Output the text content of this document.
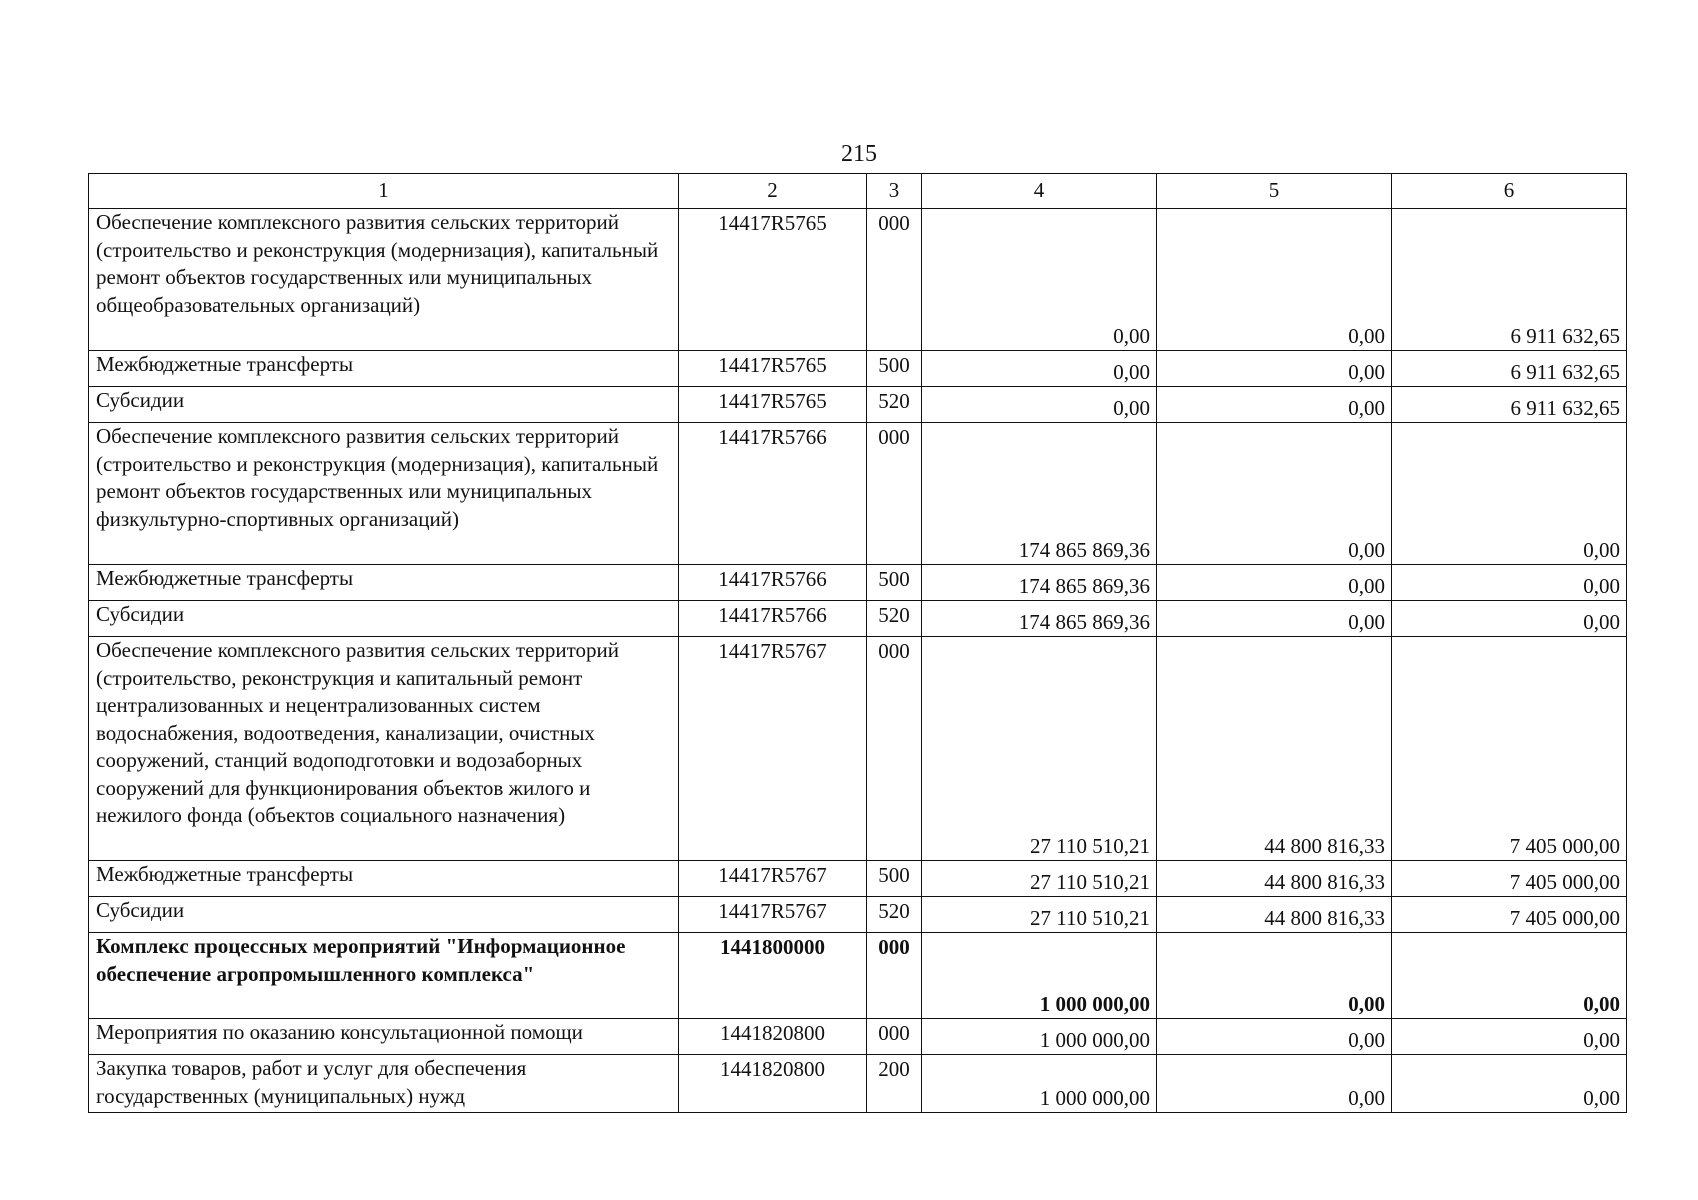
215
1	2	3	4	5	6
Обеспечение комплексного развития сельских территорий (строительство и реконструкция (модернизация), капитальный ремонт объектов государственных или муниципальных общеобразовательных организаций)	14417R5765	000	0,00	0,00	6 911 632,65
Межбюджетные трансферты	14417R5765	500	0,00	0,00	6 911 632,65
Субсидии	14417R5765	520	0,00	0,00	6 911 632,65
Обеспечение комплексного развития сельских территорий (строительство и реконструкция (модернизация), капитальный ремонт объектов государственных или муниципальных физкультурно-спортивных организаций)	14417R5766	000	174 865 869,36	0,00	0,00
Межбюджетные трансферты	14417R5766	500	174 865 869,36	0,00	0,00
Субсидии	14417R5766	520	174 865 869,36	0,00	0,00
Обеспечение комплексного развития сельских территорий (строительство, реконструкция и капитальный ремонт централизованных и нецентрализованных систем водоснабжения, водоотведения, канализации, очистных сооружений, станций водоподготовки и водозаборных сооружений для функционирования объектов жилого и нежилого фонда (объектов социального назначения)	14417R5767	000	27 110 510,21	44 800 816,33	7 405 000,00
Межбюджетные трансферты	14417R5767	500	27 110 510,21	44 800 816,33	7 405 000,00
Субсидии	14417R5767	520	27 110 510,21	44 800 816,33	7 405 000,00
Комплекс процессных мероприятий "Информационное обеспечение агропромышленного комплекса"	1441800000	000	1 000 000,00	0,00	0,00
Мероприятия по оказанию консультационной помощи	1441820800	000	1 000 000,00	0,00	0,00
Закупка товаров, работ и услуг для обеспечения государственных (муниципальных) нужд	1441820800	200	1 000 000,00	0,00	0,00
